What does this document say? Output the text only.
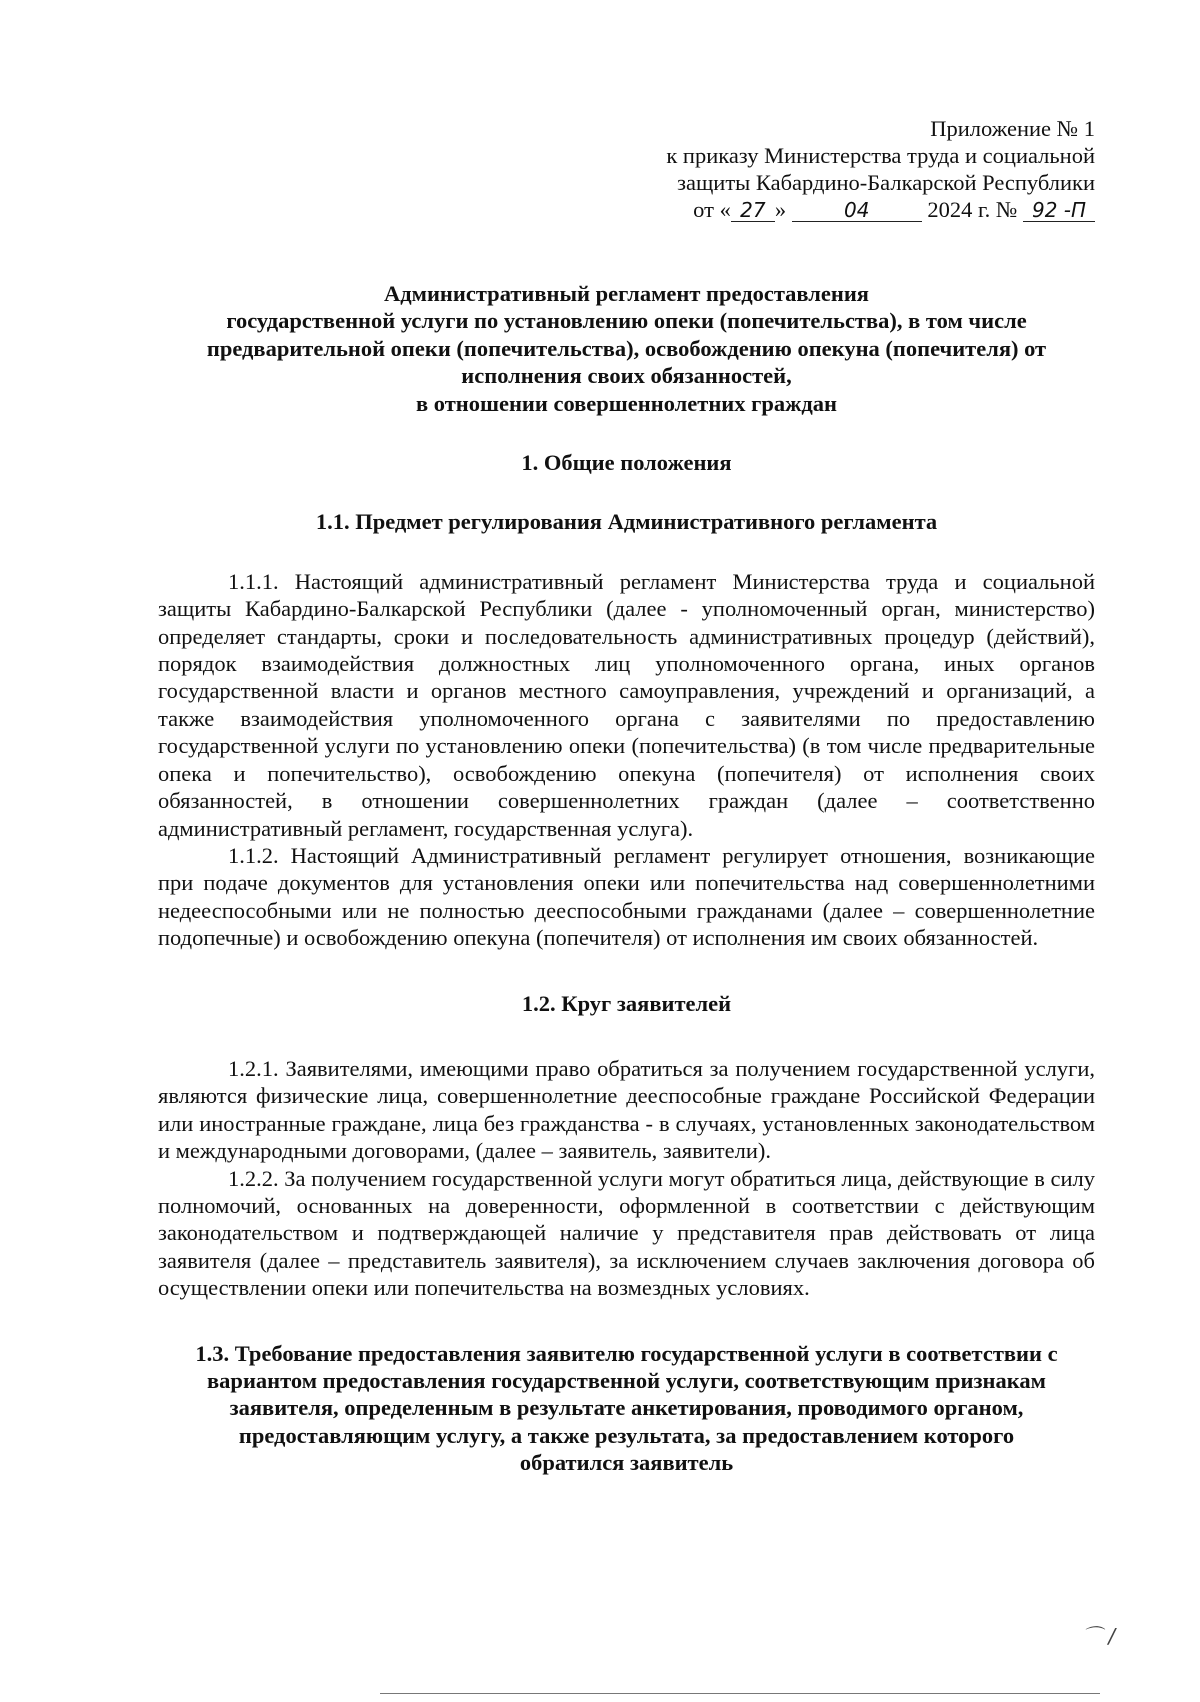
Приложение № 1
к приказу Министерства труда и социальной
защиты Кабардино-Балкарской Республики
от « 27 »	04	2024 г. № 92 -П
Административный регламент предоставления
государственной услуги по установлению опеки (попечительства), в том числе
предварительной опеки (попечительства), освобождению опекуна (попечителя) от
исполнения своих обязанностей,
в отношении совершеннолетних граждан

1. Общие положения

1.1. Предмет регулирования Административного регламента

1.1.1. Настоящий административный регламент Министерства труда и социальной защиты Кабардино-Балкарской Республики (далее - уполномоченный орган, министерство) определяет стандарты, сроки и последовательность административных процедур (действий), порядок взаимодействия должностных лиц уполномоченного органа, иных органов государственной власти и органов местного самоуправления, учреждений и организаций, а также взаимодействия уполномоченного органа с заявителями по предоставлению государственной услуги по установлению опеки (попечительства) (в том числе предварительные опека и попечительство), освобождению опекуна (попечителя) от исполнения своих обязанностей, в отношении совершеннолетних граждан (далее – соответственно административный регламент, государственная услуга).

1.1.2. Настоящий Административный регламент регулирует отношения, возникающие при подаче документов для установления опеки или попечительства над совершеннолетними недееспособными или не полностью дееспособными гражданами (далее – совершеннолетние подопечные) и освобождению опекуна (попечителя) от исполнения им своих обязанностей.

1.2. Круг заявителей

1.2.1. Заявителями, имеющими право обратиться за получением государственной услуги, являются физические лица, совершеннолетние дееспособные граждане Российской Федерации или иностранные граждане, лица без гражданства - в случаях, установленных законодательством и международными договорами, (далее – заявитель, заявители).

1.2.2. За получением государственной услуги могут обратиться лица, действующие в силу полномочий, основанных на доверенности, оформленной в соответствии с действующим законодательством и подтверждающей наличие у представителя прав действовать от лица заявителя (далее – представитель заявителя), за исключением случаев заключения договора об осуществлении опеки или попечительства на возмездных условиях.

1.3. Требование предоставления заявителю государственной услуги в соответствии с
вариантом предоставления государственной услуги, соответствующим признакам
заявителя, определенным в результате анкетирования, проводимого органом,
предоставляющим услугу, а также результата, за предоставлением которого
обратился заявитель
⌒ /
